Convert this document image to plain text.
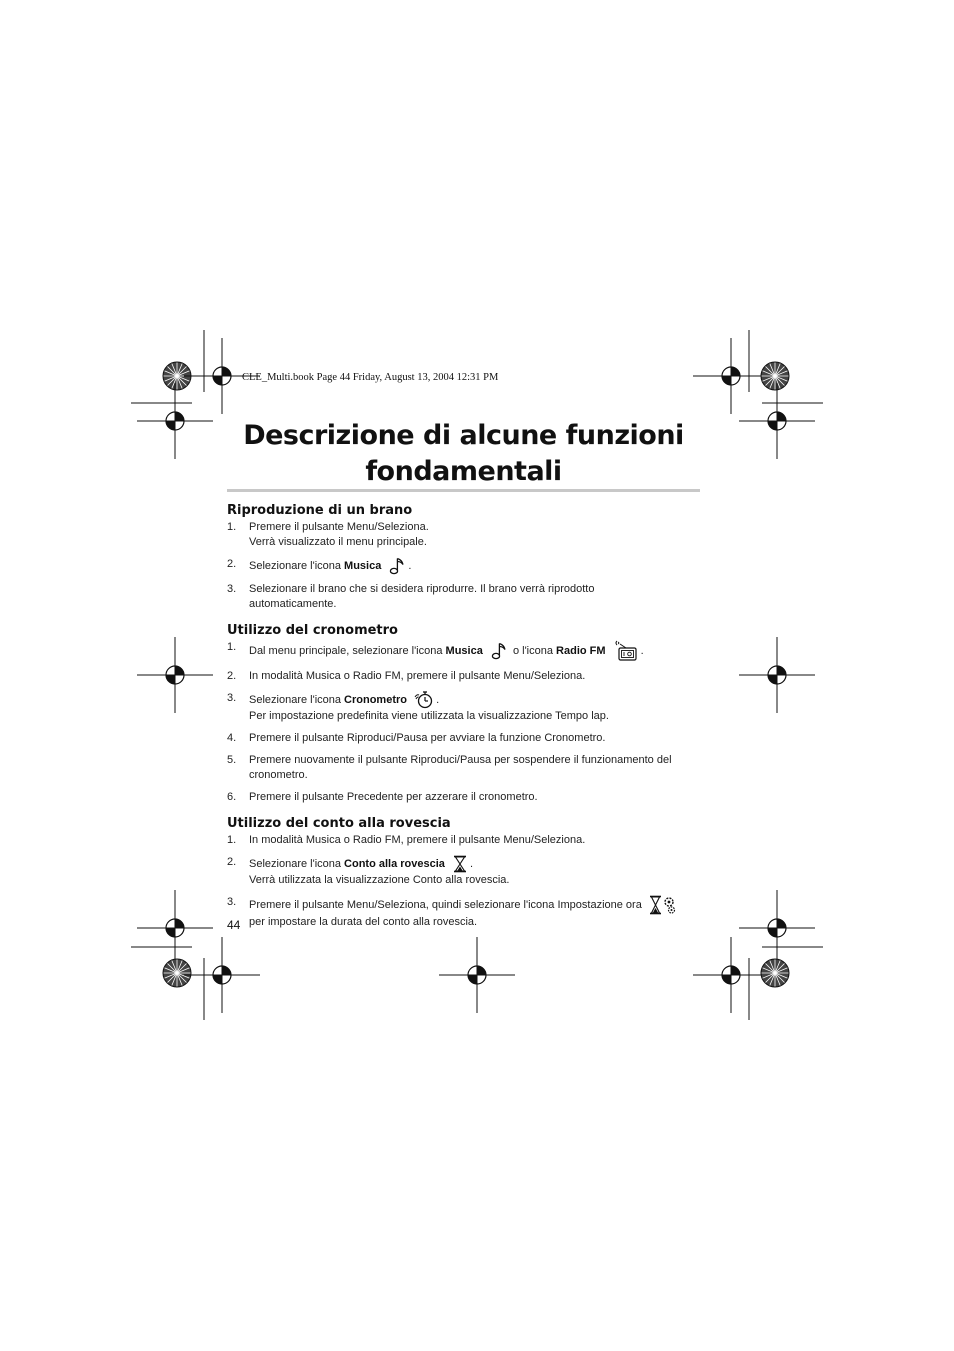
CLE_Multi.book Page 44 Friday, August 13, 2004 12:31 PM
Descrizione di alcune funzioni
fondamentali
Riproduzione di un brano
1.	Premere il pulsante Menu/Seleziona.
Verrà visualizzato il menu principale.
2.	Selezionare l'icona Musica .
3.	Selezionare il brano che si desidera riprodurre. Il brano verrà riprodotto
automaticamente.
Utilizzo del cronometro
1.	Dal menu principale, selezionare l'icona Musica  o l'icona Radio FM	.
2.	In modalità Musica o Radio FM, premere il pulsante Menu/Seleziona.
3.	Selezionare l'icona Cronometro	.
Per impostazione predefinita viene utilizzata la visualizzazione Tempo lap.
4.	Premere il pulsante Riproduci/Pausa per avviare la funzione Cronometro.
5.	Premere nuovamente il pulsante Riproduci/Pausa per sospendere il funzionamento del
cronometro.
6.	Premere il pulsante Precedente per azzerare il cronometro.
Utilizzo del conto alla rovescia
1.	In modalità Musica o Radio FM, premere il pulsante Menu/Seleziona.
2.	Selezionare l'icona Conto alla rovescia .
Verrà utilizzata la visualizzazione Conto alla rovescia.
3.	Premere il pulsante Menu/Seleziona, quindi selezionare l'icona Impostazione ora
per impostare la durata del conto alla rovescia.
44
